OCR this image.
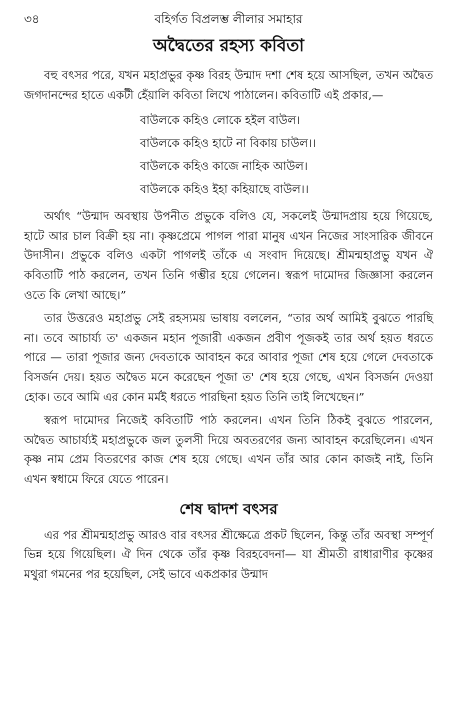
৩৪	বহির্গত বিপ্রলম্ভ লীলার সমাহার
অদ্বৈতের রহস্য কবিতা

বহু বৎসর পরে, যখন মহাপ্রভুর কৃষ্ণ বিরহ উন্মাদ দশা শেষ হয়ে আসছিল, তখন অদ্বৈত জগদানন্দের হাতে একটী হেঁয়ালি কবিতা লিখে পাঠালেন। কবিতাটি এই প্রকার,—

বাউলকে কহিও লোকে হইল বাউল।
বাউলকে কহিও হাটে না বিকায় চাউল।।
বাউলকে কহিও কাজে নাহিক আউল।
বাউলকে কহিও ইহা কহিয়াছে বাউল।।

অর্থাৎ “উন্মাদ অবস্থায় উপনীত প্রভুকে বলিও যে, সকলেই উন্মাদপ্রায় হয়ে গিয়েছে, হাটে আর চাল বিক্রী হয় না। কৃষ্ণপ্রেমে পাগল পারা মানুষ এখন নিজের সাংসারিক জীবনে উদাসীন। প্রভুকে বলিও একটা পাগলই তাঁকে এ সংবাদ দিয়েছে। শ্রীমন্মহাপ্রভু যখন ঐ কবিতাটি পাঠ করলেন, তখন তিনি গম্ভীর হয়ে গেলেন। স্বরূপ দামোদর জিজ্ঞাসা করলেন ওতে কি লেখা আছে।”

তার উত্তরেও মহাপ্রভু সেই রহস্যময় ভাষায় বললেন, “তার অর্থ আমিই বুঝতে পারছি না। তবে আচার্য্য ত' একজন মহান পূজারী একজন প্রবীণ পূজকই তার অর্থ হয়ত ধরতে পারে — তারা পূজার জন্য দেবতাকে আবাহন করে আবার পূজা শেষ হয়ে গেলে দেবতাকে বিসর্জন দেয়। হয়ত অদ্বৈত মনে করেছেন পূজা ত' শেষ হয়ে গেছে, এখন বিসর্জন দেওয়া হোক। তবে আমি এর কোন মর্মই ধরতে পারছিনা হয়ত তিনি তাই লিখেছেন।”

স্বরূপ দামোদর নিজেই কবিতাটি পাঠ করলেন। এখন তিনি ঠিকই বুঝতে পারলেন, অদ্বৈত আচার্য্যই মহাপ্রভুকে জল তুলসী দিয়ে অবতরণের জন্য আবাহন করেছিলেন। এখন কৃষ্ণ নাম প্রেম বিতরণের কাজ শেষ হয়ে গেছে। এখন তাঁর আর কোন কাজই নাই, তিনি এখন স্বধামে ফিরে যেতে পারেন।

শেষ দ্বাদশ বৎসর

এর পর শ্রীমন্মহাপ্রভু আরও বার বৎসর শ্রীক্ষেত্রে প্রকট ছিলেন, কিন্তু তাঁর অবস্থা সম্পূর্ণ ভিন্ন হয়ে গিয়েছিল। ঐ দিন থেকে তাঁর কৃষ্ণ বিরহবেদনা— যা শ্রীমতী রাধারাণীর কৃষ্ণের মথুরা গমনের পর হয়েছিল, সেই ভাবে একপ্রকার উন্মাদ
